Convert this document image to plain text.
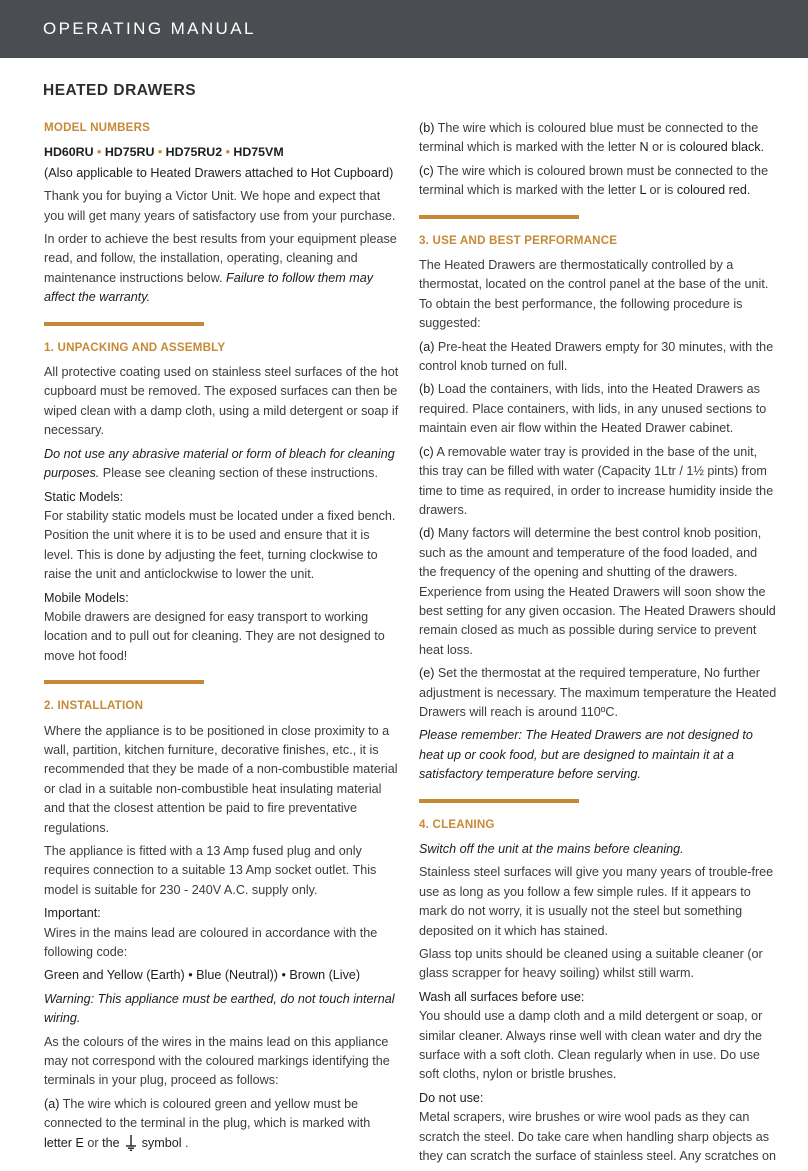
OPERATING MANUAL
HEATED DRAWERS
MODEL NUMBERS
HD60RU • HD75RU • HD75RU2 • HD75VM
(Also applicable to Heated Drawers attached to Hot Cupboard)
Thank you for buying a Victor Unit. We hope and expect that you will get many years of satisfactory use from your purchase.
In order to achieve the best results from your equipment please read, and follow, the installation, operating, cleaning and maintenance instructions below. Failure to follow them may affect the warranty.
1. UNPACKING AND ASSEMBLY
All protective coating used on stainless steel surfaces of the hot cupboard must be removed. The exposed surfaces can then be wiped clean with a damp cloth, using a mild detergent or soap if necessary.
Do not use any abrasive material or form of bleach for cleaning purposes. Please see cleaning section of these instructions.
Static Models:
For stability static models must be located under a fixed bench. Position the unit where it is to be used and ensure that it is level. This is done by adjusting the feet, turning clockwise to raise the unit and anticlockwise to lower the unit.
Mobile Models:
Mobile drawers are designed for easy transport to working location and to pull out for cleaning. They are not designed to move hot food!
2. INSTALLATION
Where the appliance is to be positioned in close proximity to a wall, partition, kitchen furniture, decorative finishes, etc., it is recommended that they be made of a non-combustible material or clad in a suitable non-combustible heat insulating material and that the closest attention be paid to fire preventative regulations.
The appliance is fitted with a 13 Amp fused plug and only requires connection to a suitable 13 Amp socket outlet. This model is suitable for 230 - 240V A.C. supply only.
Important:
Wires in the mains lead are coloured in accordance with the following code:
Green and Yellow (Earth) • Blue (Neutral)) • Brown (Live)
Warning: This appliance must be earthed, do not touch internal wiring.
As the colours of the wires in the mains lead on this appliance may not correspond with the coloured markings identifying the terminals in your plug, proceed as follows:
(a) The wire which is coloured green and yellow must be connected to the terminal in the plug, which is marked with letter E or the symbol .
(b) The wire which is coloured blue must be connected to the terminal which is marked with the letter N or is coloured black.
(c) The wire which is coloured brown must be connected to the terminal which is marked with the letter L or is coloured red.
3. USE AND BEST PERFORMANCE
The Heated Drawers are thermostatically controlled by a thermostat, located on the control panel at the base of the unit. To obtain the best performance, the following procedure is suggested:
(a) Pre-heat the Heated Drawers empty for 30 minutes, with the control knob turned on full.
(b) Load the containers, with lids, into the Heated Drawers as required. Place containers, with lids, in any unused sections to maintain even air flow within the Heated Drawer cabinet.
(c) A removable water tray is provided in the base of the unit, this tray can be filled with water (Capacity 1Ltr / 1½ pints) from time to time as required, in order to increase humidity inside the drawers.
(d) Many factors will determine the best control knob position, such as the amount and temperature of the food loaded, and the frequency of the opening and shutting of the drawers. Experience from using the Heated Drawers will soon show the best setting for any given occasion. The Heated Drawers should remain closed as much as possible during service to prevent heat loss.
(e) Set the thermostat at the required temperature, No further adjustment is necessary. The maximum temperature the Heated Drawers will reach is around 110ºC.
Please remember: The Heated Drawers are not designed to heat up or cook food, but are designed to maintain it at a satisfactory temperature before serving.
4. CLEANING
Switch off the unit at the mains before cleaning.
Stainless steel surfaces will give you many years of trouble-free use as long as you follow a few simple rules. If it appears to mark do not worry, it is usually not the steel but something deposited on it which has stained.
Glass top units should be cleaned using a suitable cleaner (or glass scrapper for heavy soiling) whilst still warm.
Wash all surfaces before use:
You should use a damp cloth and a mild detergent or soap, or similar cleaner. Always rinse well with clean water and dry the surface with a soft cloth. Clean regularly when in use. Do use soft cloths, nylon or bristle brushes.
Do not use:
Metal scrapers, wire brushes or wire wool pads as they can scratch the steel. Do take care when handling sharp objects as they can scratch the surface of stainless steel. Any scratches on
